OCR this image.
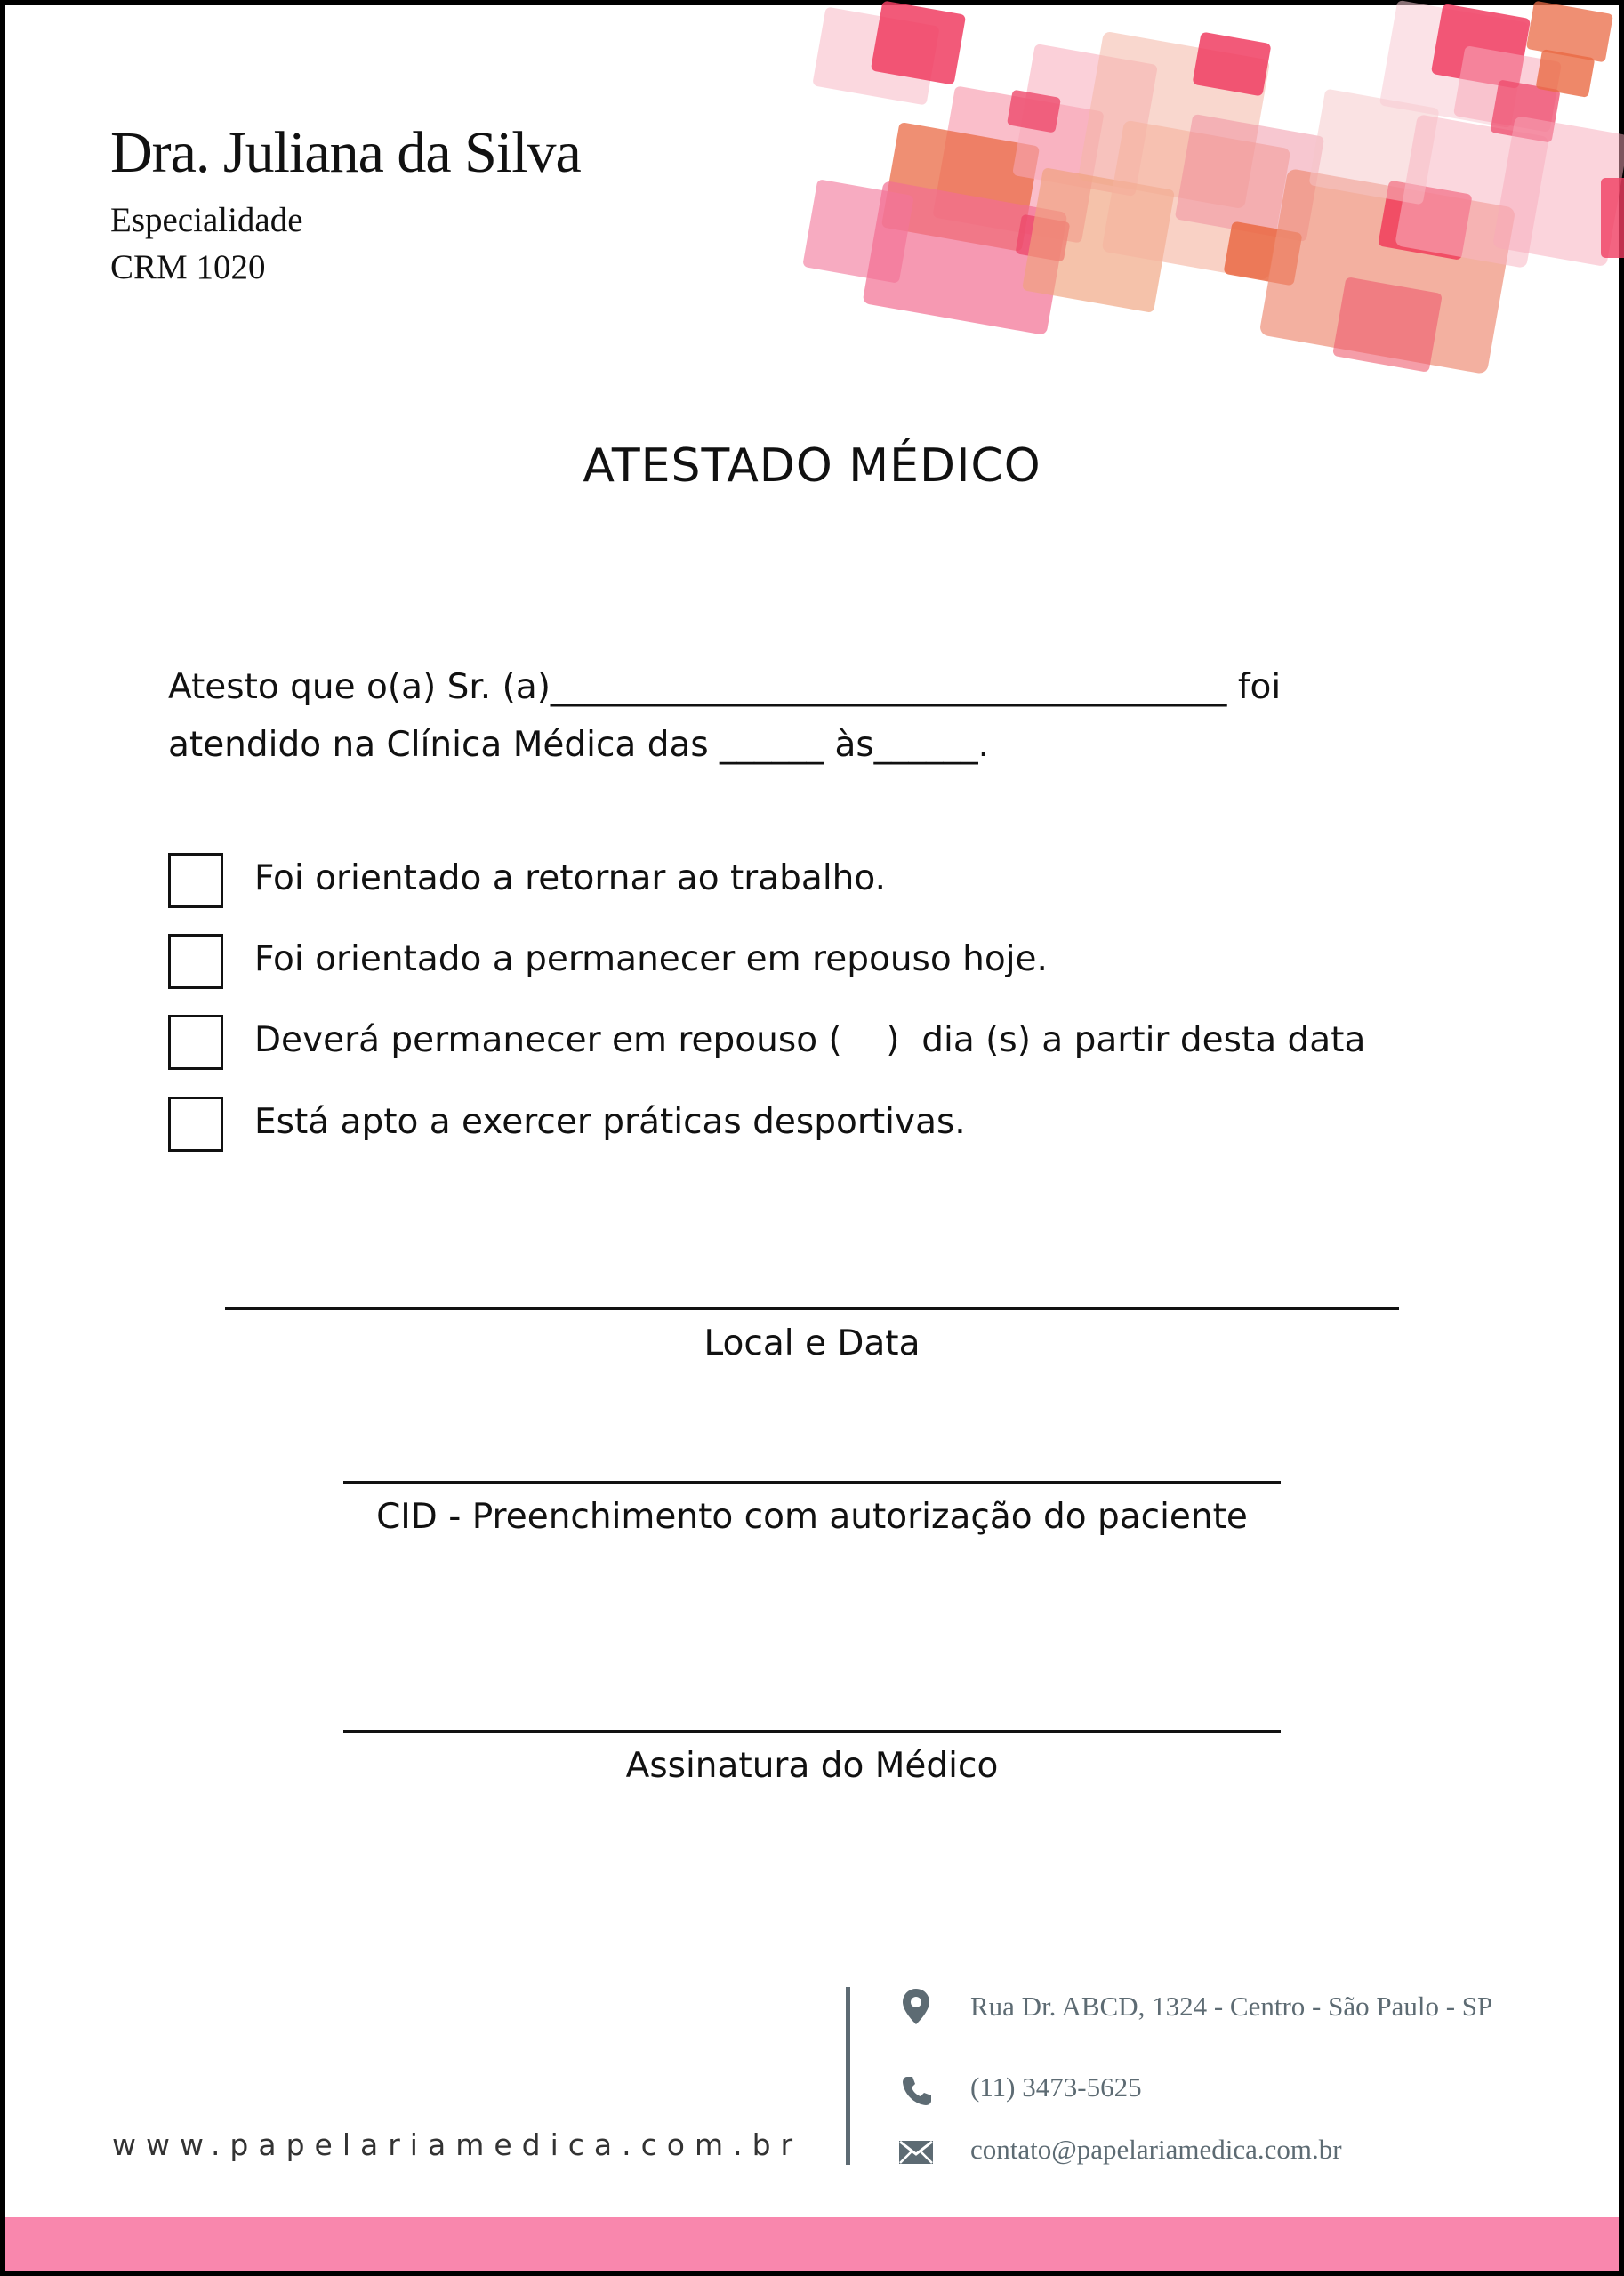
Dra. Juliana da Silva
Especialidade
CRM 1020
ATESTADO MÉDICO
Atesto que o(a) Sr. (a)_______________________________________ foi
atendido na Clínica Médica das ______ às______.
Foi orientado a retornar ao trabalho.
Foi orientado a permanecer em repouso hoje.
Deverá permanecer em repouso (    )  dia (s) a partir desta data
Está apto a exercer práticas desportivas.
Local e Data
CID - Preenchimento com autorização do paciente
Assinatura do Médico
www.papelariamedica.com.br
Rua Dr. ABCD, 1324 - Centro - São Paulo - SP
(11) 3473-5625
contato@papelariamedica.com.br
